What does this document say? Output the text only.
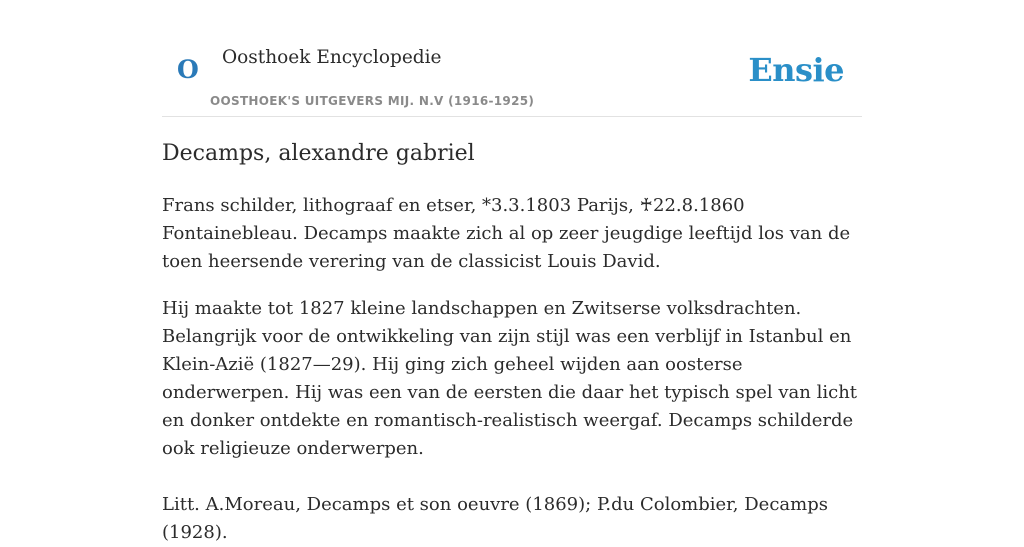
O Oosthoek Encyclopedie
OOSTHOEK'S UITGEVERS MIJ. N.V (1916-1925)
Ensie
Decamps, alexandre gabriel

Frans schilder, lithograaf en etser, *3.3.1803 Parijs, ♰22.8.1860 Fontainebleau. Decamps maakte zich al op zeer jeugdige leeftijd los van de toen heersende verering van de classicist Louis David.

Hij maakte tot 1827 kleine landschappen en Zwitserse volksdrachten. Belangrijk voor de ontwikkeling van zijn stijl was een verblijf in Istanbul en Klein-Azië (1827—29). Hij ging zich geheel wijden aan oosterse onderwerpen. Hij was een van de eersten die daar het typisch spel van licht en donker ontdekte en romantisch-realistisch weergaf. Decamps schilderde ook religieuze onderwerpen.

Litt. A.Moreau, Decamps et son oeuvre (1869); P.du Colombier, Decamps (1928).
